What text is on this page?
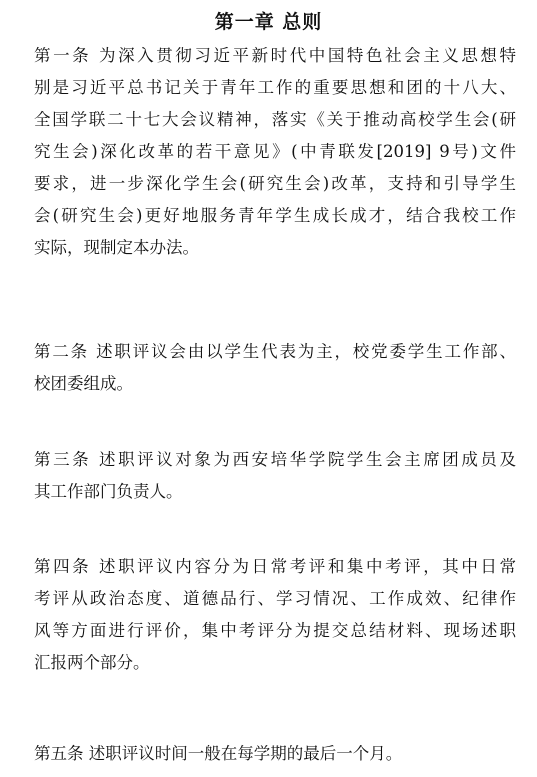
第一章 总则
第一条 为深入贯彻习近平新时代中国特色社会主义思想特
别是习近平总书记关于青年工作的重要思想和团的十八大、
全国学联二十七大会议精神，落实《关于推动高校学生会(研
究生会)深化改革的若干意见》(中青联发[2019] 9号)文件
要求，进一步深化学生会(研究生会)改革，支持和引导学生
会(研究生会)更好地服务青年学生成长成才，结合我校工作
实际，现制定本办法。
第二条 述职评议会由以学生代表为主，校党委学生工作部、
校团委组成。
第三条 述职评议对象为西安培华学院学生会主席团成员及
其工作部门负责人。
第四条 述职评议内容分为日常考评和集中考评，其中日常
考评从政治态度、道德品行、学习情况、工作成效、纪律作
风等方面进行评价，集中考评分为提交总结材料、现场述职
汇报两个部分。
第五条 述职评议时间一般在每学期的最后一个月。
